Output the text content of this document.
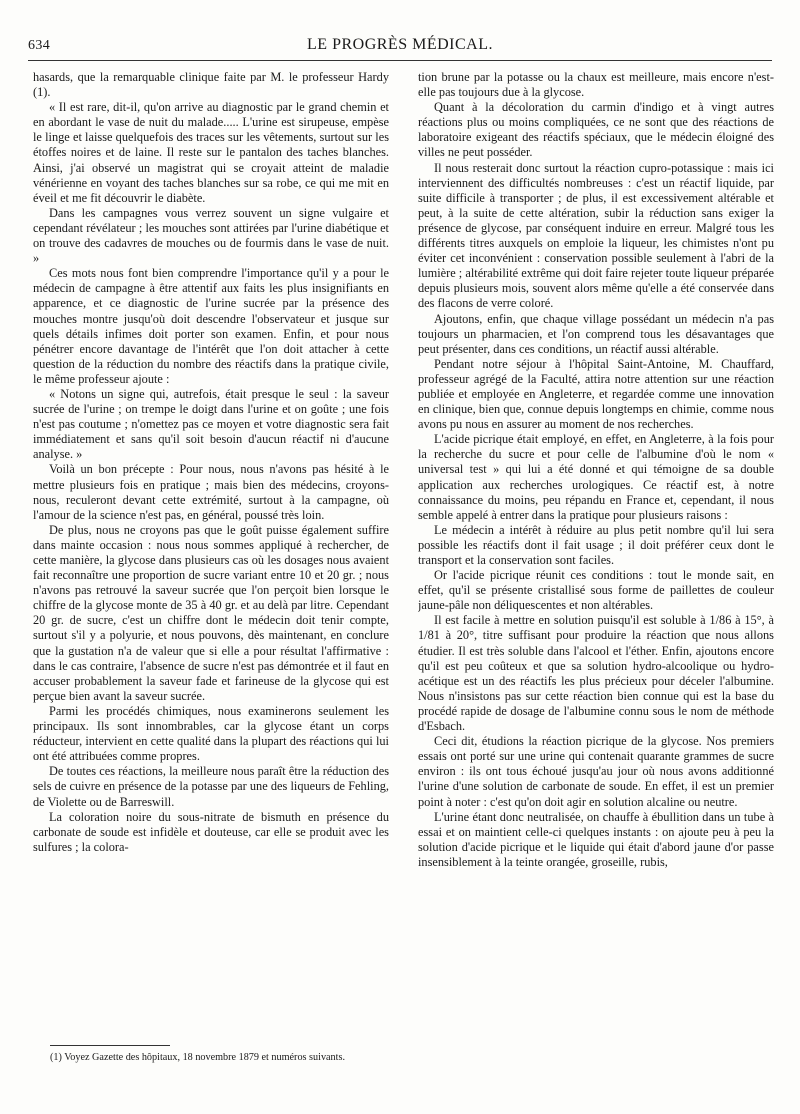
634	LE PROGRÈS MÉDICAL.

hasards, que la remarquable clinique faite par M. le professeur Hardy (1).

« Il est rare, dit-il, qu'on arrive au diagnostic par le grand chemin et en abordant le vase de nuit du malade..... L'urine est sirupeuse, empèse le linge et laisse quelquefois des traces sur les vêtements, surtout sur les étoffes noires et de laine. Il reste sur le pantalon des taches blanches. Ainsi, j'ai observé un magistrat qui se croyait atteint de maladie vénérienne en voyant des taches blanches sur sa robe, ce qui me mit en éveil et me fit découvrir le diabète.

Dans les campagnes vous verrez souvent un signe vulgaire et cependant révélateur ; les mouches sont attirées par l'urine diabétique et on trouve des cadavres de mouches ou de fourmis dans le vase de nuit. »

Ces mots nous font bien comprendre l'importance qu'il y a pour le médecin de campagne à être attentif aux faits les plus insignifiants en apparence, et ce diagnostic de l'urine sucrée par la présence des mouches montre jusqu'où doit descendre l'observateur et jusque sur quels détails infimes doit porter son examen. Enfin, et pour nous pénétrer encore davantage de l'intérêt que l'on doit attacher à cette question de la réduction du nombre des réactifs dans la pratique civile, le même professeur ajoute :

« Notons un signe qui, autrefois, était presque le seul : la saveur sucrée de l'urine ; on trempe le doigt dans l'urine et on goûte ; une fois n'est pas coutume ; n'omettez pas ce moyen et votre diagnostic sera fait immédiatement et sans qu'il soit besoin d'aucun réactif ni d'aucune analyse. »

Voilà un bon précepte : Pour nous, nous n'avons pas hésité à le mettre plusieurs fois en pratique ; mais bien des médecins, croyons-nous, reculeront devant cette extrémité, surtout à la campagne, où l'amour de la science n'est pas, en général, poussé très loin.

De plus, nous ne croyons pas que le goût puisse également suffire dans mainte occasion : nous nous sommes appliqué à rechercher, de cette manière, la glycose dans plusieurs cas où les dosages nous avaient fait reconnaître une proportion de sucre variant entre 10 et 20 gr. ; nous n'avons pas retrouvé la saveur sucrée que l'on perçoit bien lorsque le chiffre de la glycose monte de 35 à 40 gr. et au delà par litre. Cependant 20 gr. de sucre, c'est un chiffre dont le médecin doit tenir compte, surtout s'il y a polyurie, et nous pouvons, dès maintenant, en conclure que la gustation n'a de valeur que si elle a pour résultat l'affirmative : dans le cas contraire, l'absence de sucre n'est pas démontrée et il faut en accuser probablement la saveur fade et farineuse de la glycose qui est perçue bien avant la saveur sucrée.

Parmi les procédés chimiques, nous examinerons seulement les principaux. Ils sont innombrables, car la glycose étant un corps réducteur, intervient en cette qualité dans la plupart des réactions qui lui ont été attribuées comme propres.

De toutes ces réactions, la meilleure nous paraît être la réduction des sels de cuivre en présence de la potasse par une des liqueurs de Fehling, de Violette ou de Barreswill.

La coloration noire du sous-nitrate de bismuth en présence du carbonate de soude est infidèle et douteuse, car elle se produit avec les sulfures ; la colora-

(1) Voyez Gazette des hôpitaux, 18 novembre 1879 et numéros suivants.

tion brune par la potasse ou la chaux est meilleure, mais encore n'est-elle pas toujours due à la glycose.

Quant à la décoloration du carmin d'indigo et à vingt autres réactions plus ou moins compliquées, ce ne sont que des réactions de laboratoire exigeant des réactifs spéciaux, que le médecin éloigné des villes ne peut posséder.

Il nous resterait donc surtout la réaction cupro-potassique : mais ici interviennent des difficultés nombreuses : c'est un réactif liquide, par suite difficile à transporter ; de plus, il est excessivement altérable et peut, à la suite de cette altération, subir la réduction sans exiger la présence de glycose, par conséquent induire en erreur. Malgré tous les différents titres auxquels on emploie la liqueur, les chimistes n'ont pu éviter cet inconvénient : conservation possible seulement à l'abri de la lumière ; altérabilité extrême qui doit faire rejeter toute liqueur préparée depuis plusieurs mois, souvent alors même qu'elle a été conservée dans des flacons de verre coloré.

Ajoutons, enfin, que chaque village possédant un médecin n'a pas toujours un pharmacien, et l'on comprend tous les désavantages que peut présenter, dans ces conditions, un réactif aussi altérable.

Pendant notre séjour à l'hôpital Saint-Antoine, M. Chauffard, professeur agrégé de la Faculté, attira notre attention sur une réaction publiée et employée en Angleterre, et regardée comme une innovation en clinique, bien que, connue depuis longtemps en chimie, comme nous avons pu nous en assurer au moment de nos recherches.

L'acide picrique était employé, en effet, en Angleterre, à la fois pour la recherche du sucre et pour celle de l'albumine d'où le nom « universal test » qui lui a été donné et qui témoigne de sa double application aux recherches urologiques. Ce réactif est, à notre connaissance du moins, peu répandu en France et, cependant, il nous semble appelé à entrer dans la pratique pour plusieurs raisons :

Le médecin a intérêt à réduire au plus petit nombre qu'il lui sera possible les réactifs dont il fait usage ; il doit préférer ceux dont le transport et la conservation sont faciles.

Or l'acide picrique réunit ces conditions : tout le monde sait, en effet, qu'il se présente cristallisé sous forme de paillettes de couleur jaune-pâle non déliquescentes et non altérables.

Il est facile à mettre en solution puisqu'il est soluble à 1/86 à 15°, à 1/81 à 20°, titre suffisant pour produire la réaction que nous allons étudier. Il est très soluble dans l'alcool et l'éther. Enfin, ajoutons encore qu'il est peu coûteux et que sa solution hydro-alcoolique ou hydro-acétique est un des réactifs les plus précieux pour déceler l'albumine. Nous n'insistons pas sur cette réaction bien connue qui est la base du procédé rapide de dosage de l'albumine connu sous le nom de méthode d'Esbach.

Ceci dit, étudions la réaction picrique de la glycose. Nos premiers essais ont porté sur une urine qui contenait quarante grammes de sucre environ : ils ont tous échoué jusqu'au jour où nous avons additionné l'urine d'une solution de carbonate de soude. En effet, il est un premier point à noter : c'est qu'on doit agir en solution alcaline ou neutre.

L'urine étant donc neutralisée, on chauffe à ébullition dans un tube à essai et on maintient celle-ci quelques instants : on ajoute peu à peu la solution d'acide picrique et le liquide qui était d'abord jaune d'or passe insensiblement à la teinte orangée, groseille, rubis,
